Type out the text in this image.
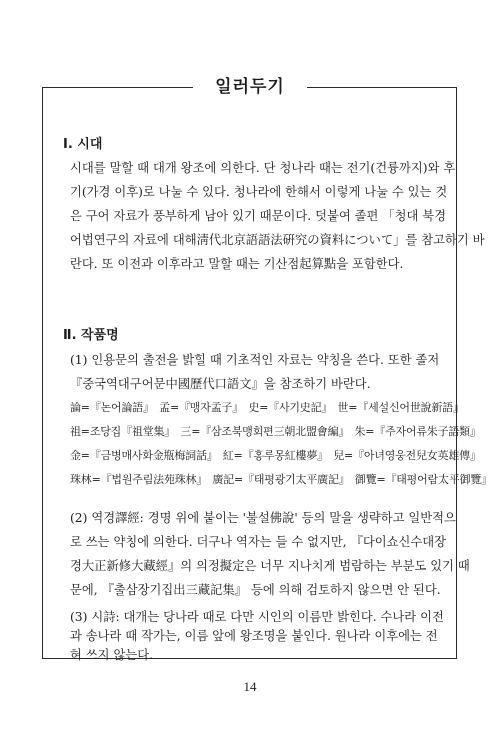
일러두기
Ⅰ. 시대
시대를 말할 때 대개 왕조에 의한다. 단 청나라 때는 전기(건륭까지)와 후
기(가경 이후)로 나눌 수 있다. 청나라에 한해서 이렇게 나눌 수 있는 것
은 구어 자료가 풍부하게 남아 있기 때문이다. 덧붙여 졸편 「청대 북경
어법연구의 자료에 대해淸代北京語語法硏究の資料について」를 참고하기 바
란다. 또 이전과 이후라고 말할 때는 기산점起算點을 포함한다.
Ⅱ. 작품명
(1) 인용문의 출전을 밝힐 때 기초적인 자료는 약칭을 쓴다. 또한 졸저
『중국역대구어문中國歷代口語文』을 참조하기 바란다.
論=『논어論語』　孟=『맹자孟子』　史=『사기史記』　世=『세설신어世說新語』
祖=조당집『祖堂集』　三=『삼조북맹회편三朝北盟會編』　朱=『주자어류朱子語類』
金=『금병매사화金甁梅詞話』　紅=『홍루몽紅樓夢』　兒=『아녀영웅전兒女英雄傳』
珠林=『법원주림法苑珠林』　廣記=『태평광기太平廣記』　御覽=『태평어람太平御覽』
(2) 역경譯經: 경명 위에 붙이는 '불설佛說' 등의 말을 생략하고 일반적으
로 쓰는 약칭에 의한다. 더구나 역자는 들 수 없지만, 『다이쇼신수대장
경大正新修大藏經』의 의정擬定은 너무 지나치게 범람하는 부분도 있기 때
문에, 『출삼장기집出三藏記集』 등에 의해 검토하지 않으면 안 된다.
(3) 시詩: 대개는 당나라 때로 다만 시인의 이름만 밝힌다. 수나라 이전
과 송나라 때 작가는, 이름 앞에 왕조명을 붙인다. 원나라 이후에는 전
혀 쓰지 않는다.
14
